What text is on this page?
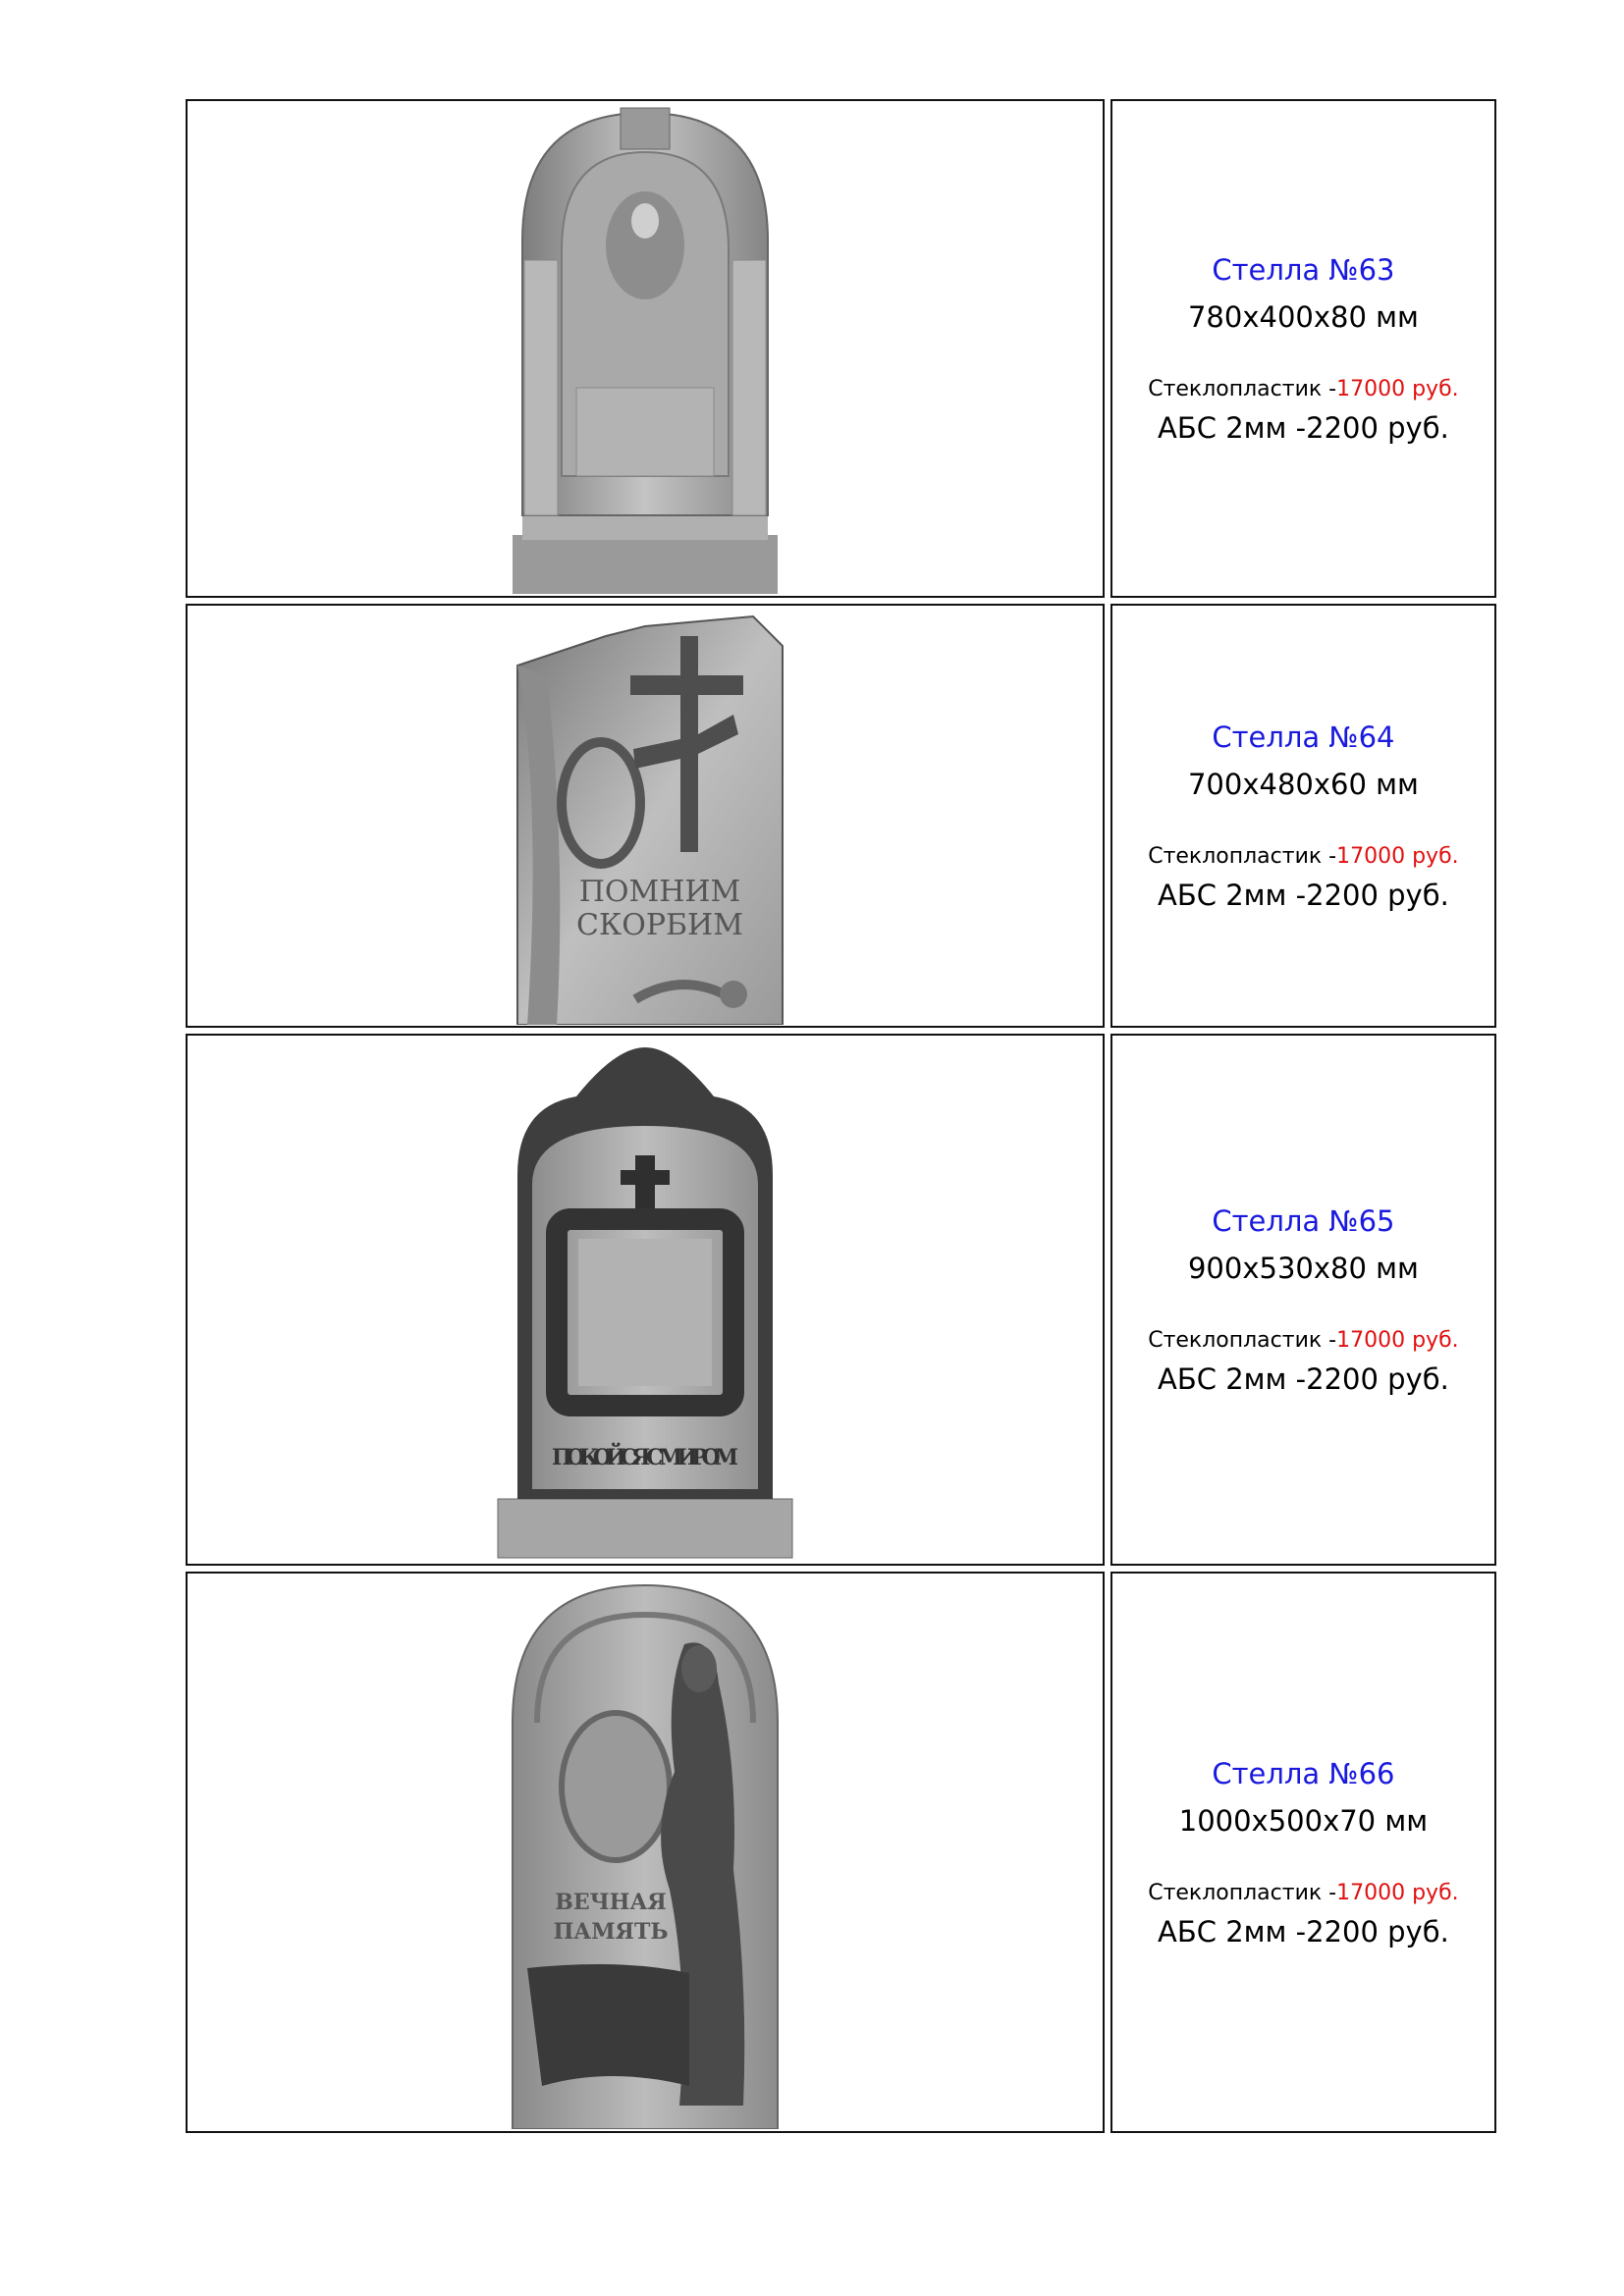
Стелла №63
780х400х80 мм
Стеклопластик -17000 руб.
АБС 2мм -2200 руб.

ПОМНИМ СКОРБИМ	Стелла №64
700х480х60 мм
Стеклопластик -17000 руб.
АБС 2мм -2200 руб.

ПОКОЙСЯ С МИРОМ	Стелла №65
900х530х80 мм
Стеклопластик -17000 руб.
АБС 2мм -2200 руб.

ВЕЧНАЯ ПАМЯТЬ	Стелла №66
1000х500х70 мм
Стеклопластик -17000 руб.
АБС 2мм -2200 руб.
